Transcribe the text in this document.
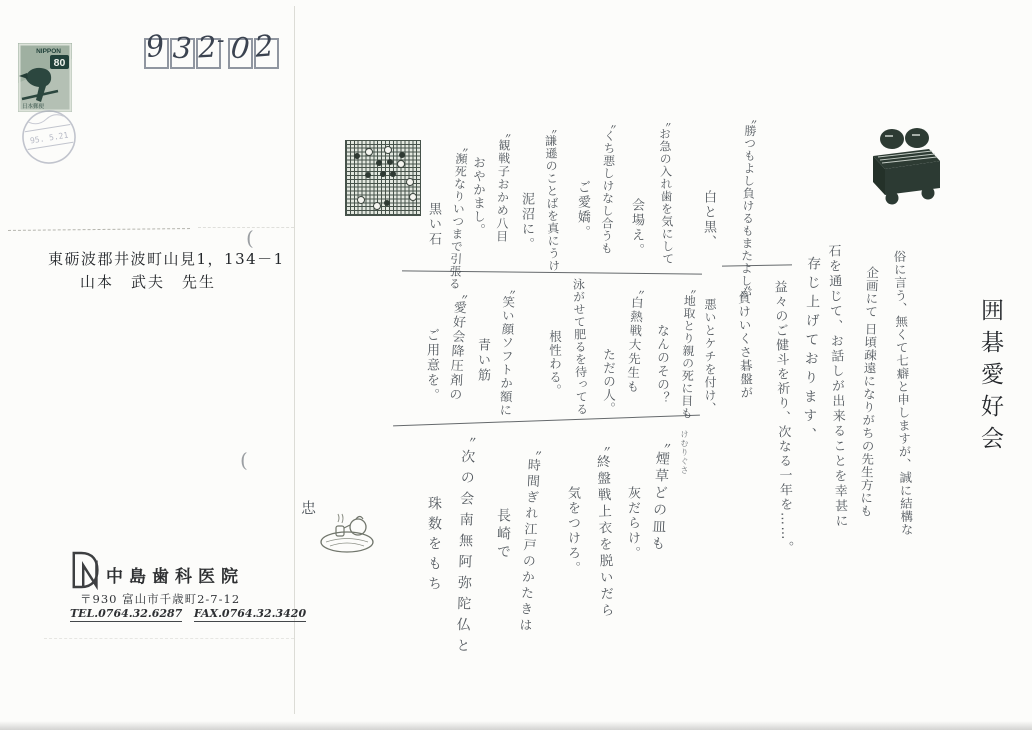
NIPPON
80
日本郵便
95. 5.21
9 3 2 - 0 2
東砺波郡井波町山見1，134－1
山本　武夫　先生
(
(
中島歯科医院
〒930 富山市千歳町2-7-12
TEL.0764.32.6287 FAX.0764.32.3420
忠
囲碁愛好会
俗に言う、無くて七癖と申しますが、誠に結構な
企画にて 日頃疎遠になりがちの先生方にも
石を通じて、お話しが出来ることを幸甚に
存じ上げております、
益々のご健斗を祈り、次なる一年を……。
〝勝つもよし負けるもまたよしが
白と黒、
〝お急の入れ歯を気にして
会場え。
〝くち悪しけなし合うも
ご愛嬌。
〝謙遜のことばを真にうけ
泥沼に。
〝観戦子おかめ八目
おやかまし。
〝瀕死なりいつまで引張る
黒い石
〝負けいくさ碁盤が
悪いとケチを付け、
〝地取とり親の死に目も
なんのその？
〝白熱戦大先生も
ただの人。
泳がせて肥るを待ってる
根性わる。
〝笑い顔ソフトか額に
青い筋
〝愛好会降圧剤の
ご用意を。
けむりぐさ
〝煙草どの皿も
灰だらけ。
〝終盤戦上衣を脱いだら
気をつけろ。
〝時間ぎれ江戸のかたきは
長崎で
〝次の会南無阿弥陀仏と
珠数をもち
